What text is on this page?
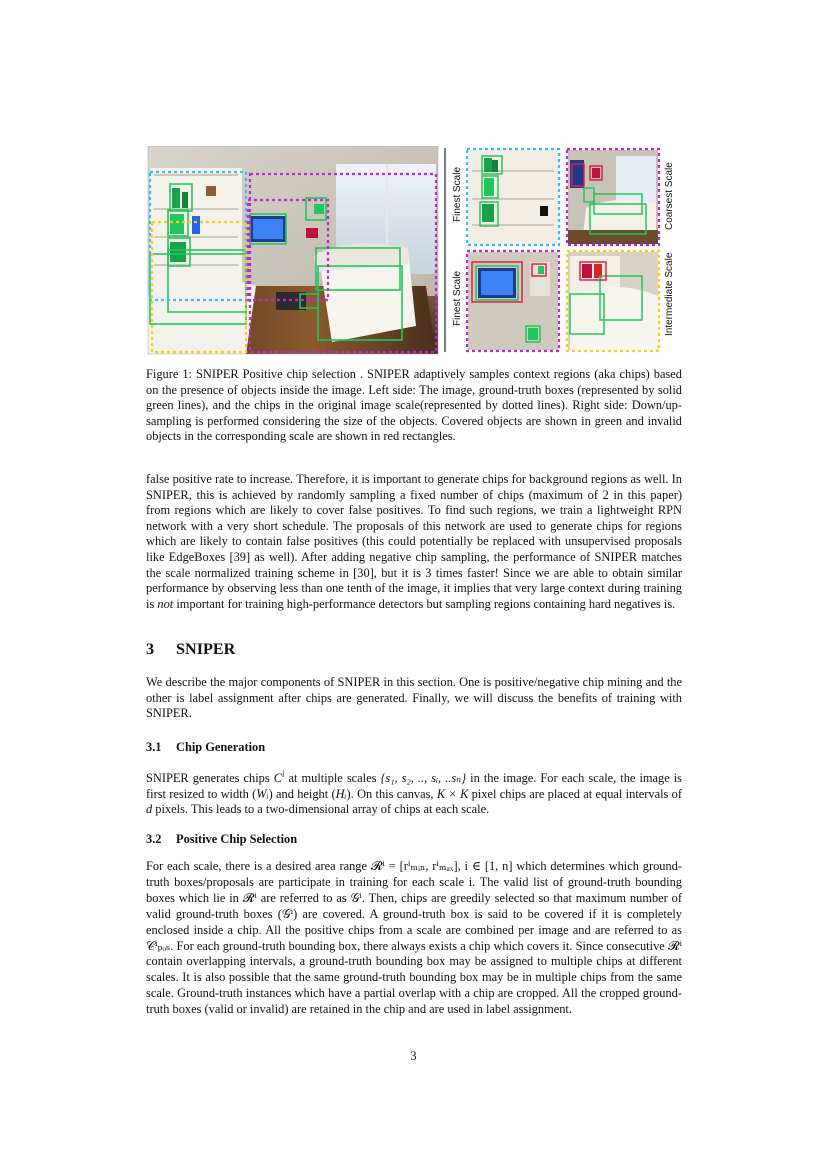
Finest Scale
Finest Scale
Coarsest Scale
Intermediate Scale
Figure 1: SNIPER Positive chip selection . SNIPER adaptively samples context regions (aka chips) based on the presence of objects inside the image. Left side: The image, ground-truth boxes (represented by solid green lines), and the chips in the original image scale(represented by dotted lines). Right side: Down/up-sampling is performed considering the size of the objects. Covered objects are shown in green and invalid objects in the corresponding scale are shown in red rectangles.
false positive rate to increase. Therefore, it is important to generate chips for background regions as well. In SNIPER, this is achieved by randomly sampling a fixed number of chips (maximum of 2 in this paper) from regions which are likely to cover false positives. To find such regions, we train a lightweight RPN network with a very short schedule. The proposals of this network are used to generate chips for regions which are likely to contain false positives (this could potentially be replaced with unsupervised proposals like EdgeBoxes [39] as well). After adding negative chip sampling, the performance of SNIPER matches the scale normalized training scheme in [30], but it is 3 times faster! Since we are able to obtain similar performance by observing less than one tenth of the image, it implies that very large context during training is not important for training high-performance detectors but sampling regions containing hard negatives is.
3 SNIPER
We describe the major components of SNIPER in this section. One is positive/negative chip mining and the other is label assignment after chips are generated. Finally, we will discuss the benefits of training with SNIPER.
3.1 Chip Generation
SNIPER generates chips $C^i$ at multiple scales {s₁, s₂, .., sᵢ, ..sₙ} in the image. For each scale, the image is first resized to width (Wᵢ) and height (Hᵢ). On this canvas, K × K pixel chips are placed at equal intervals of d pixels. This leads to a two-dimensional array of chips at each scale.
3.2 Positive Chip Selection
For each scale, there is a desired area range 𝓡ⁱ = [rⁱₘᵢₙ, rⁱₘₐₓ], i ∈ [1, n] which determines which ground-truth boxes/proposals are participate in training for each scale i. The valid list of ground-truth bounding boxes which lie in 𝓡ⁱ are referred to as 𝒢ⁱ. Then, chips are greedily selected so that maximum number of valid ground-truth boxes (𝒢ⁱ) are covered. A ground-truth box is said to be covered if it is completely enclosed inside a chip. All the positive chips from a scale are combined per image and are referred to as 𝒞ⁱₚₒₛ. For each ground-truth bounding box, there always exists a chip which covers it. Since consecutive 𝓡ⁱ contain overlapping intervals, a ground-truth bounding box may be assigned to multiple chips at different scales. It is also possible that the same ground-truth bounding box may be in multiple chips from the same scale. Ground-truth instances which have a partial overlap with a chip are cropped. All the cropped ground-truth boxes (valid or invalid) are retained in the chip and are used in label assignment.
3
